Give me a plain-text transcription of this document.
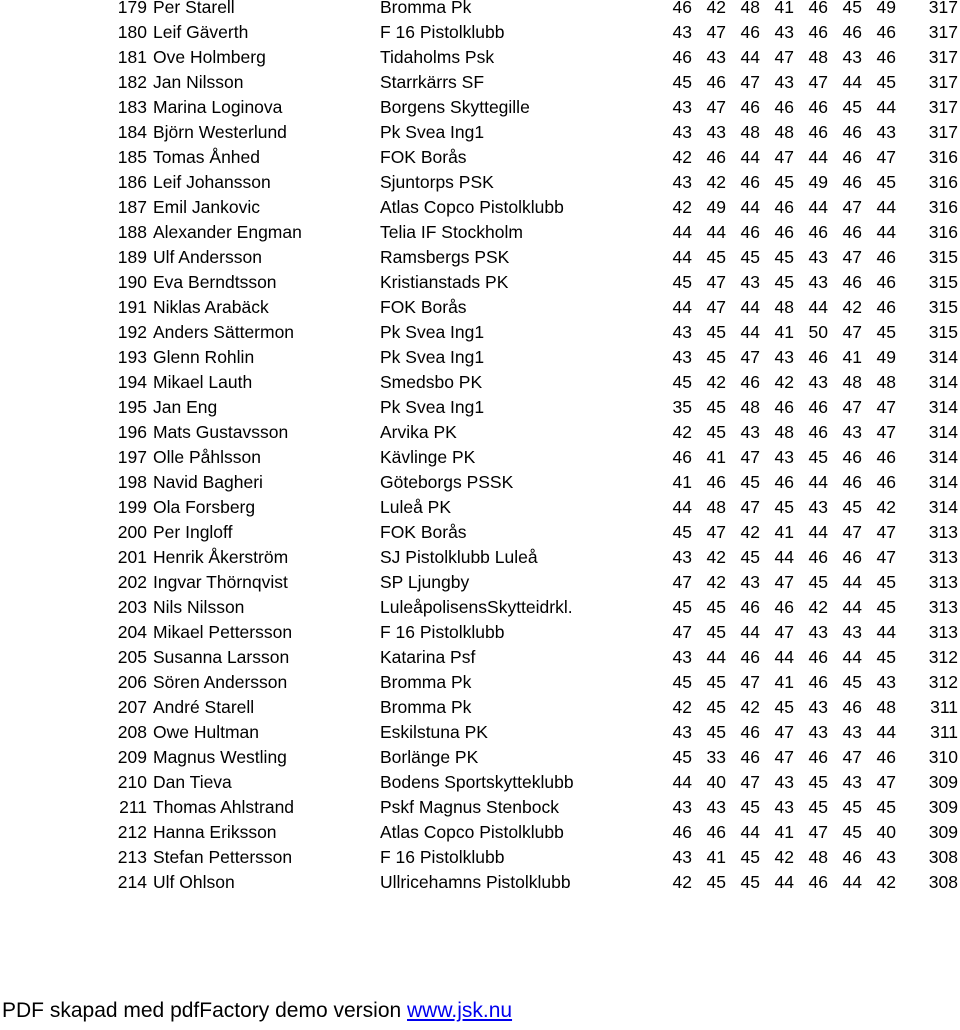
179 Per Starell	Bromma Pk	46 42 48 41 46 45 49	317
180 Leif Gäverth	F 16 Pistolklubb	43 47 46 43 46 46 46	317
181 Ove Holmberg	Tidaholms Psk	46 43 44 47 48 43 46	317
182 Jan Nilsson	Starrkärrs SF	45 46 47 43 47 44 45	317
183 Marina Loginova	Borgens Skyttegille	43 47 46 46 46 45 44	317
184 Björn Westerlund	Pk Svea Ing1	43 43 48 48 46 46 43	317
185 Tomas Ånhed	FOK Borås	42 46 44 47 44 46 47	316
186 Leif Johansson	Sjuntorps PSK	43 42 46 45 49 46 45	316
187 Emil Jankovic	Atlas Copco Pistolklubb	42 49 44 46 44 47 44	316
188 Alexander Engman	Telia IF Stockholm	44 44 46 46 46 46 44	316
189 Ulf Andersson	Ramsbergs PSK	44 45 45 45 43 47 46	315
190 Eva Berndtsson	Kristianstads PK	45 47 43 45 43 46 46	315
191 Niklas Arabäck	FOK Borås	44 47 44 48 44 42 46	315
192 Anders Sättermon	Pk Svea Ing1	43 45 44 41 50 47 45	315
193 Glenn Rohlin	Pk Svea Ing1	43 45 47 43 46 41 49	314
194 Mikael Lauth	Smedsbo PK	45 42 46 42 43 48 48	314
195 Jan Eng	Pk Svea Ing1	35 45 48 46 46 47 47	314
196 Mats Gustavsson	Arvika PK	42 45 43 48 46 43 47	314
197 Olle Påhlsson	Kävlinge PK	46 41 47 43 45 46 46	314
198 Navid Bagheri	Göteborgs PSSK	41 46 45 46 44 46 46	314
199 Ola Forsberg	Luleå PK	44 48 47 45 43 45 42	314
200 Per Ingloff	FOK Borås	45 47 42 41 44 47 47	313
201 Henrik Åkerström	SJ Pistolklubb Luleå	43 42 45 44 46 46 47	313
202 Ingvar Thörnqvist	SP Ljungby	47 42 43 47 45 44 45	313
203 Nils Nilsson	LuleåpolisensSkytteidrkl.	45 45 46 46 42 44 45	313
204 Mikael Pettersson	F 16 Pistolklubb	47 45 44 47 43 43 44	313
205 Susanna Larsson	Katarina Psf	43 44 46 44 46 44 45	312
206 Sören Andersson	Bromma Pk	45 45 47 41 46 45 43	312
207 André Starell	Bromma Pk	42 45 42 45 43 46 48	311
208 Owe Hultman	Eskilstuna PK	43 45 46 47 43 43 44	311
209 Magnus Westling	Borlänge PK	45 33 46 47 46 47 46	310
210 Dan Tieva	Bodens Sportskytteklubb	44 40 47 43 45 43 47	309
211 Thomas Ahlstrand	Pskf Magnus Stenbock	43 43 45 43 45 45 45	309
212 Hanna Eriksson	Atlas Copco Pistolklubb	46 46 44 41 47 45 40	309
213 Stefan Pettersson	F 16 Pistolklubb	43 41 45 42 48 46 43	308
214 Ulf Ohlson	Ullricehamns Pistolklubb	42 45 45 44 46 44 42	308
PDF skapad med pdfFactory demo version www.jsk.nu
